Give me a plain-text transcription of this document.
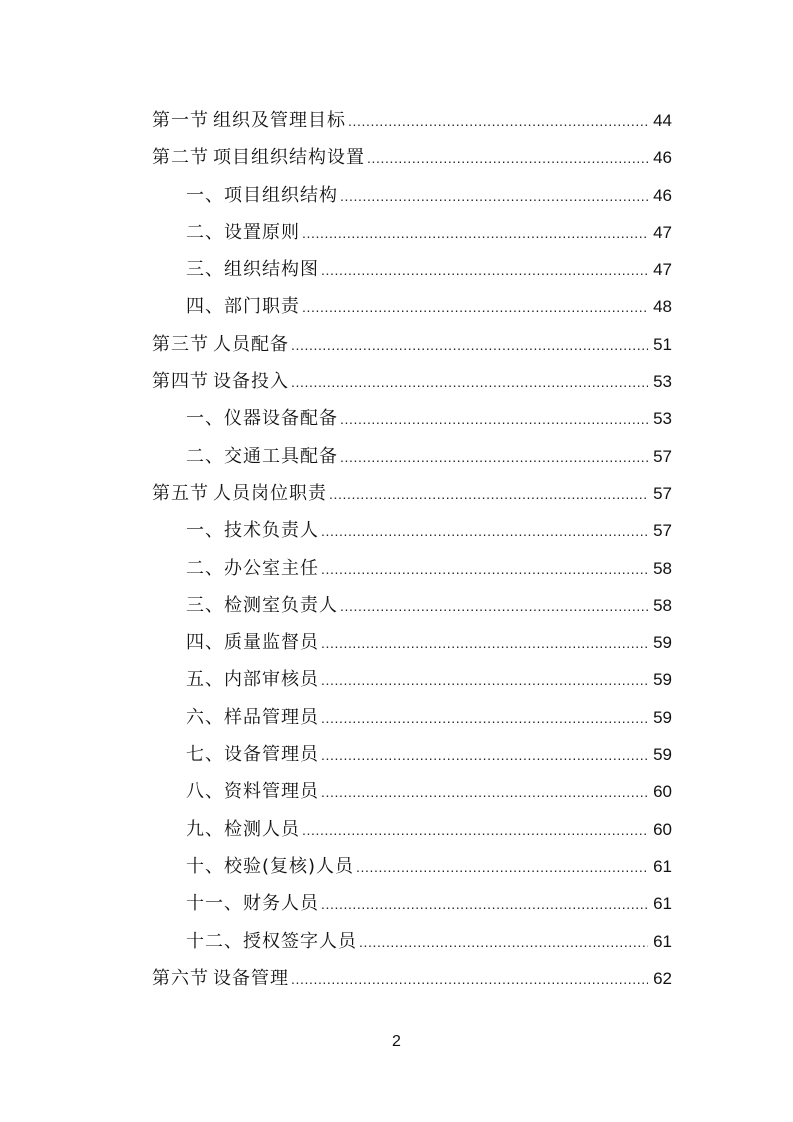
第一节 组织及管理目标 .....	44
第二节 项目组织结构设置 .....	46
一、项目组织结构 .....	46
二、设置原则 .....	47
三、组织结构图 .....	47
四、部门职责 .....	48
第三节 人员配备 .....	51
第四节 设备投入 .....	53
一、仪器设备配备 .....	53
二、交通工具配备 .....	57
第五节 人员岗位职责 .....	57
一、技术负责人 .....	57
二、办公室主任 .....	58
三、检测室负责人 .....	58
四、质量监督员 .....	59
五、内部审核员 .....	59
六、样品管理员 .....	59
七、设备管理员 .....	59
八、资料管理员 .....	60
九、检测人员 .....	60
十、校验(复核)人员 .....	61
十一、财务人员 .....	61
十二、授权签字人员 .....	61
第六节 设备管理 .....	62
2
